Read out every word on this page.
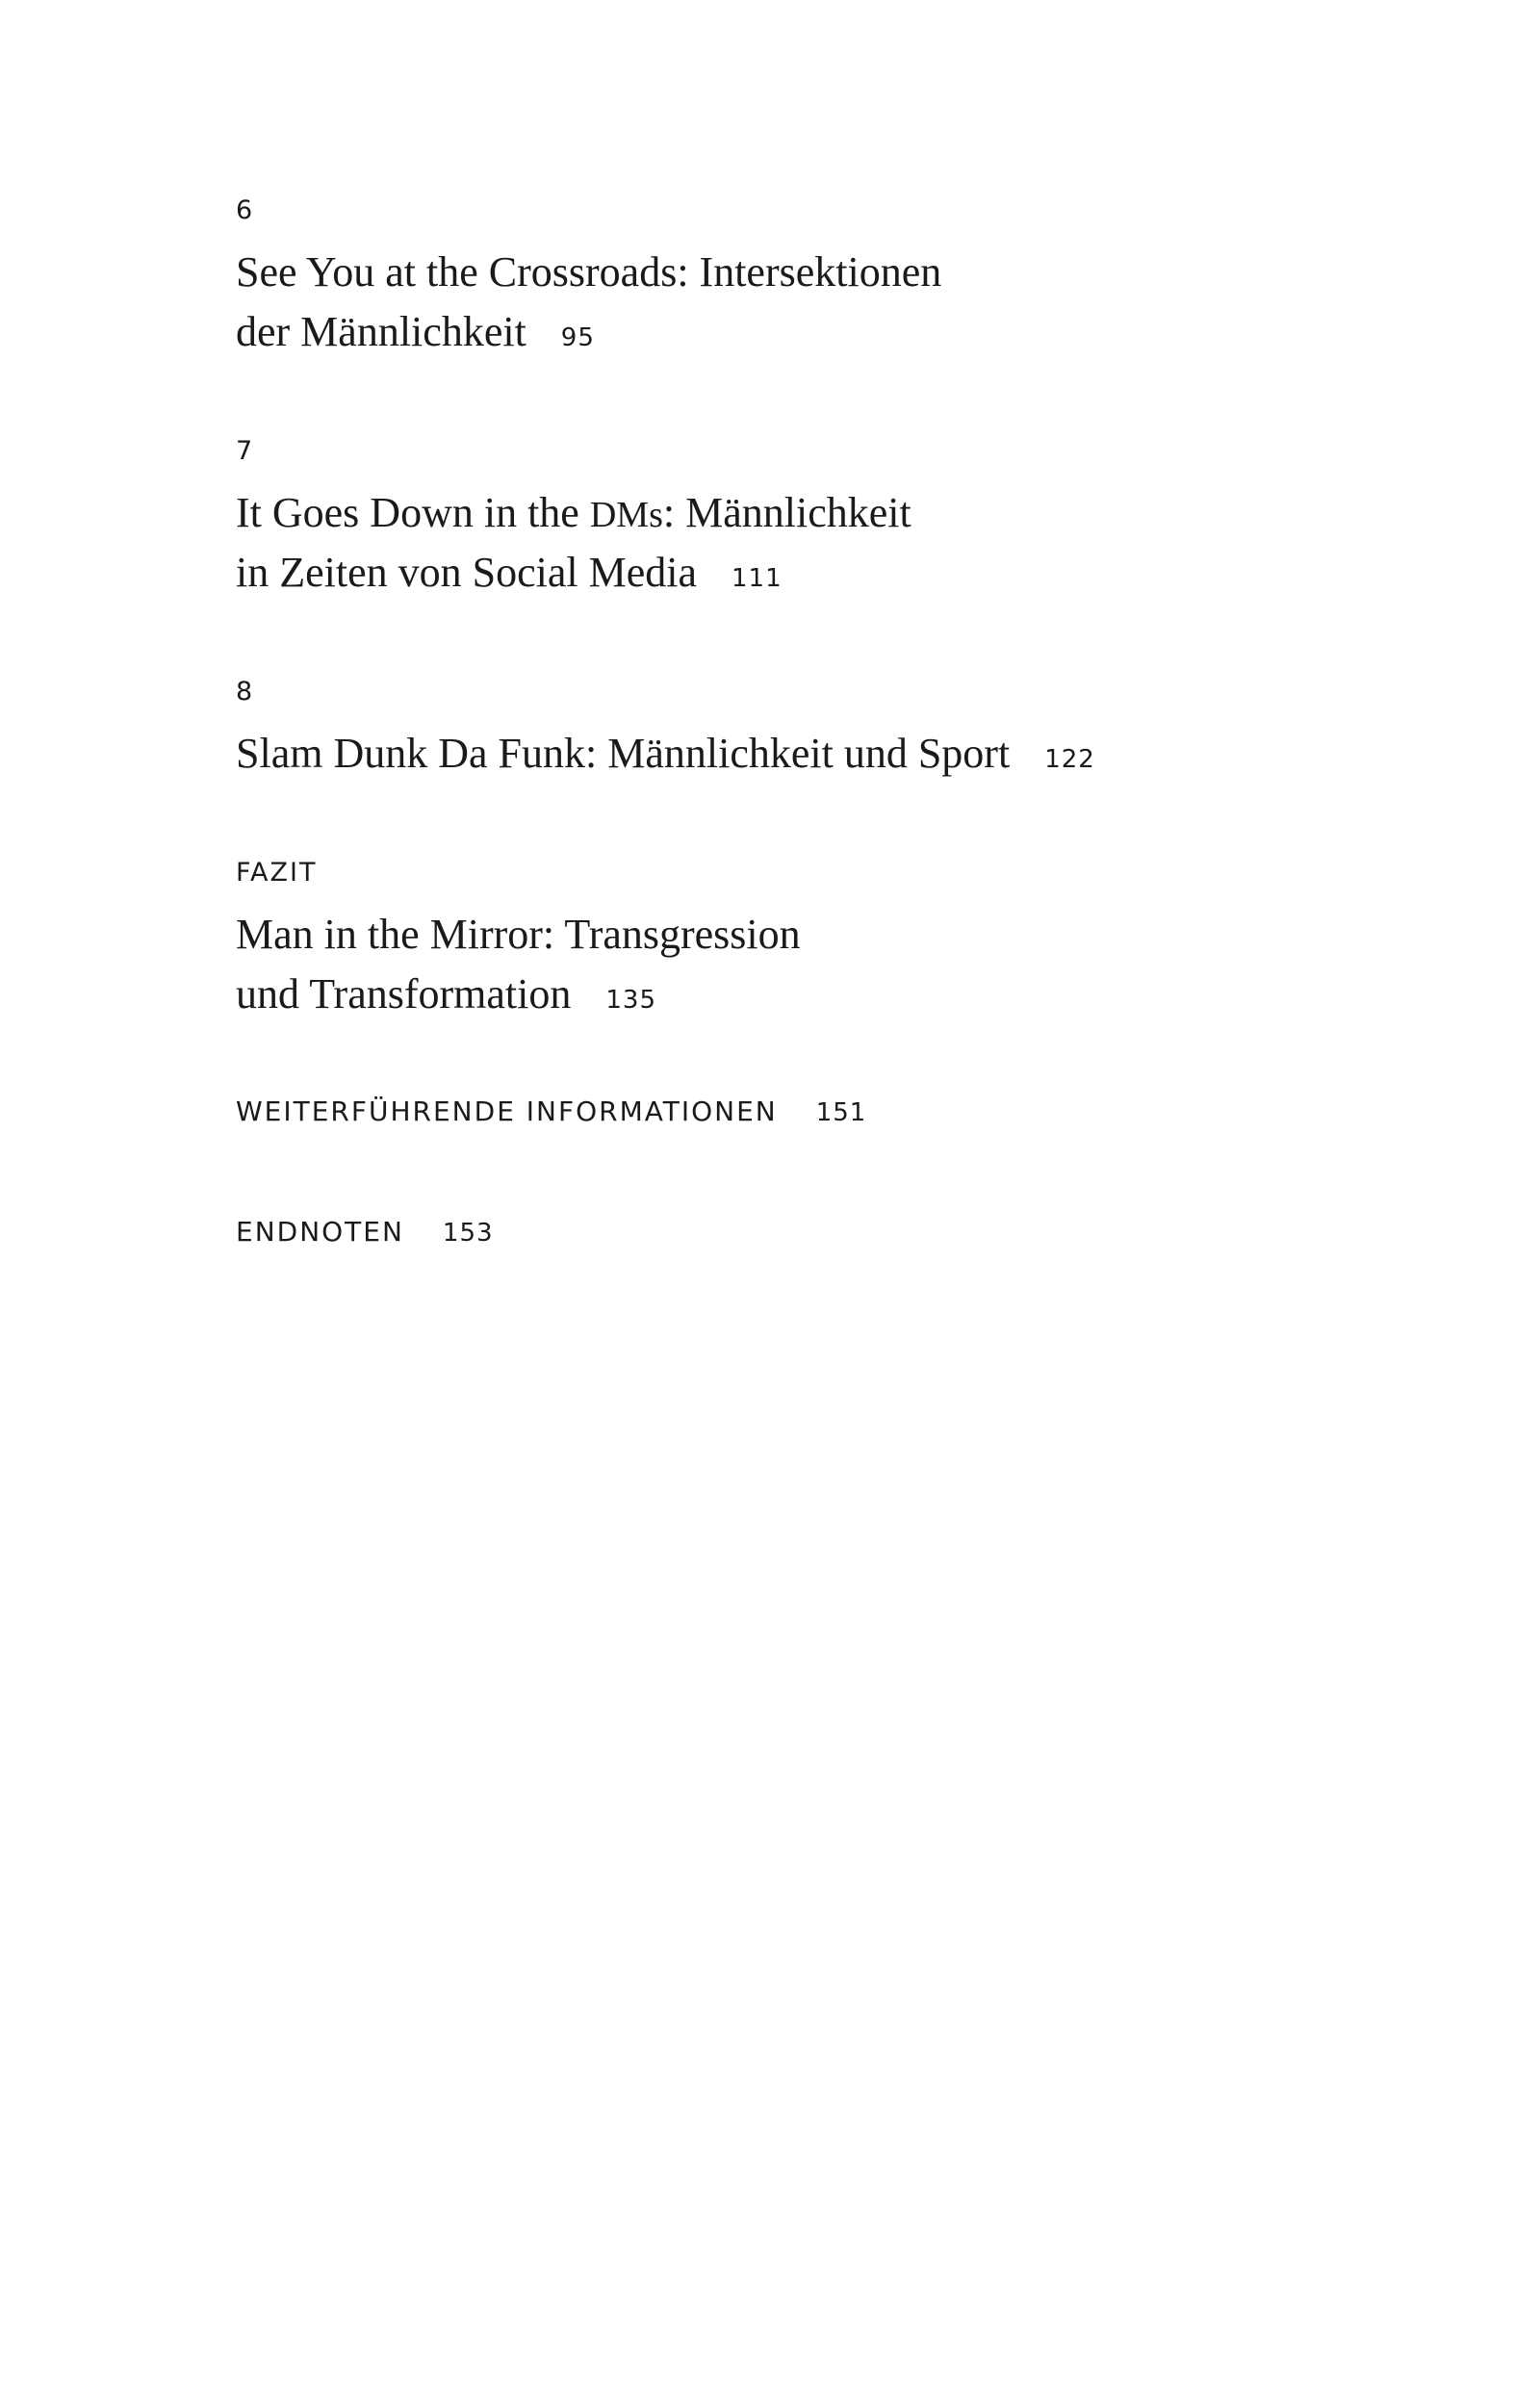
6
See You at the Crossroads: Intersektionen
der Männlichkeit 95
7
It Goes Down in the DMs: Männlichkeit
in Zeiten von Social Media 111
8
Slam Dunk Da Funk: Männlichkeit und Sport 122
FAZIT
Man in the Mirror: Transgression
und Transformation 135
WEITERFÜHRENDE INFORMATIONEN 151
ENDNOTEN 153
